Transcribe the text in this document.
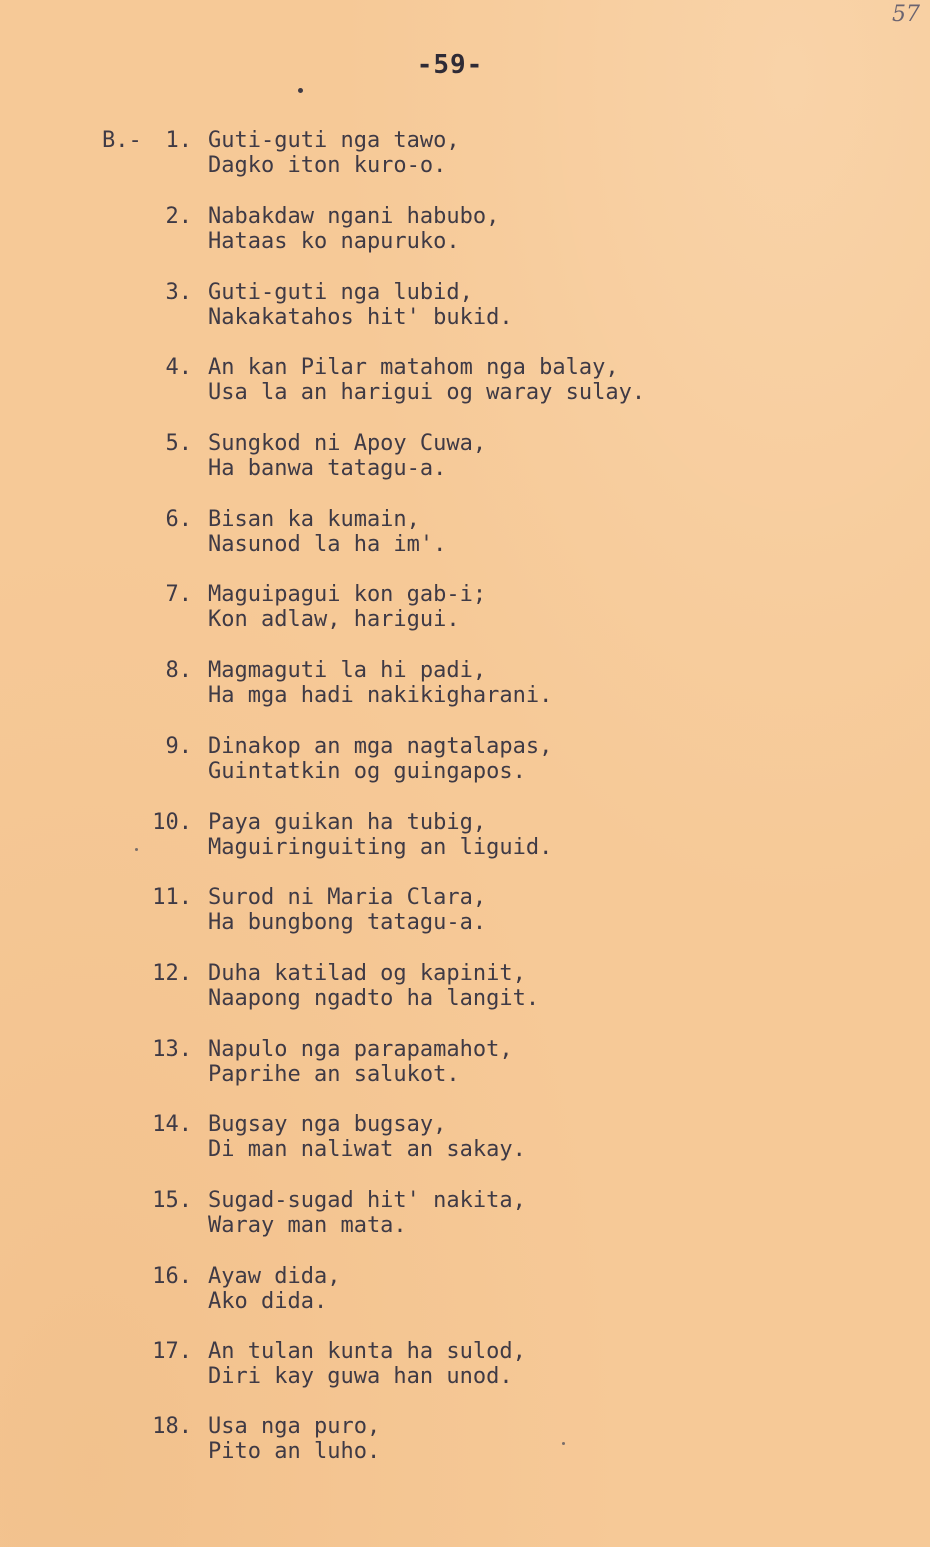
57
-59-
B.-	1. Guti-guti nga tawo,
Dagko iton kuro-o.
2. Nabakdaw ngani habubo,
Hataas ko napuruko.
3. Guti-guti nga lubid,
Nakakatahos hit' bukid.
4. An kan Pilar matahom nga balay,
Usa la an harigui og waray sulay.
5. Sungkod ni Apoy Cuwa,
Ha banwa tatagu-a.
6. Bisan ka kumain,
Nasunod la ha im'.
7. Maguipagui kon gab-i;
Kon adlaw, harigui.
8. Magmaguti la hi padi,
Ha mga hadi nakikigharani.
9. Dinakop an mga nagtalapas,
Guintatkin og guingapos.
10. Paya guikan ha tubig,
Maguiringuiting an liguid.
11. Surod ni Maria Clara,
Ha bungbong tatagu-a.
12. Duha katilad og kapinit,
Naapong ngadto ha langit.
13. Napulo nga parapamahot,
Paprihe an salukot.
14. Bugsay nga bugsay,
Di man naliwat an sakay.
15. Sugad-sugad hit' nakita,
Waray man mata.
16. Ayaw dida,
Ako dida.
17. An tulan kunta ha sulod,
Diri kay guwa han unod.
18. Usa nga puro,
Pito an luho.
